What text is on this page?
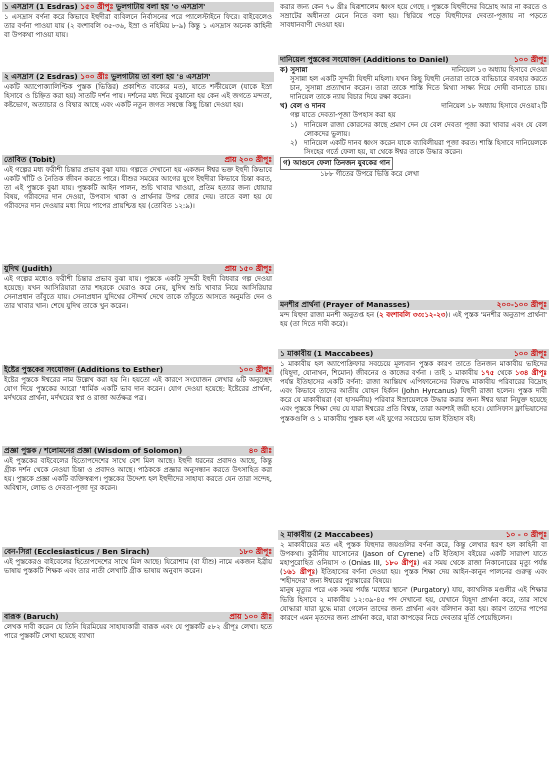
১ এসদ্রাস (1 Esdras) ১৫০ খ্রীপূঃ ভুলগাটায় বলা হয় '৩ এসদ্রাস'
১ এসদ্রাস বর্ণনা করে কিভাবে ইহুদীরা ব্যবিলনে নির্বাসনের পরে প্যালেস্টাইনে ফিরে। বাইবেলেও তার বর্ণনা পাওয়া যায় (২ বংশাবলি ৩৫-৩৬, ইস্রা ও নহিমিয় ৮-৯) কিন্তু ১ এসদ্রাস অনেক কাহিনী বা উপকথা পাওয়া যায়।
২ এসদ্রাস (2 Esdras) ১০০ খ্রীঃ ভুলগাটায় তা বলা হয় '৪ এসদ্রাস'
একটি অ্যাপোক্যালিপ্টিক পুস্তক (ভিত্তির) প্রকাশিত বাক্যের মত), যাতে শল্টীয়েলে (যাকে ইস্রা হিসাবে ও চিহ্নিত করা হয়) সাতটি দর্শন পায়। দর্শনের মধ্য দিয়ে বুঝানো হয় কেন এই জগতে মন্দতা, কষ্টভোগ, অত্যাচার ও বিদ্বার আছে এবং একটি নতুন জগত সম্বন্ধে কিছু চিন্তা দেওয়া হয়।
তোবিত (Tobit)	প্রায় ২০০ খ্রীপূঃ
এই গল্পের মধ্য ফরীশী চিন্তার প্রভাব বুঝা যায়। গল্পতে দেখানো হয় একজন ঈশ্বর ভক্ত ইহুদী কিভাবে একটি খাঁটি ও নৈতিক জীবন করতে পারে। যীশুর সময়ের আগের যুগে ইহুদীরা কিভাবে চিন্তা করত, তা এই পুস্তকে বুঝা যায়। পুস্তকটি আইন পালন, শুচি খাবার খাওয়া, প্রতিম হত্যার জন্য ধোয়ার বিষয়, গরীবদের দান দেওয়া, উপবাস থাকা ও প্রার্থনার উপর জোর দেয়। তাতে বলা হয় যে গরীবদের দান দেওয়ার মধ্য দিয়ে পাপের প্রায়শ্চিত্ত হয় (তোবিত ১২:৯)।
যুদিথ (Judith)	প্রায় ১৫০ খ্রীপূঃ
এই গল্পের মধ্যেও ফরীশী চিন্তার প্রভাব বুঝা যায়। পুস্তকে একটি সুন্দরী ইহুদী বিধবার গল্প দেওয়া হয়েছে। যখন আসিরিয়ারা তার শহরকে ঘেরাও করে নেয়, যুদিথ শুচি খাবার নিয়ে আসিরিয়ার সেনাপ্রধান তাঁবুতে যায়। সেনাপ্রধান যুদিথের সৌন্দর্য দেখে তাকে তাঁবুতে আসতে অনুমতি দেন ও তার খাবার খান। শেষে যুদিথ তাকে খুন করেন।
ইষ্টের পুস্তকের সংযোজন (Additions to Esther)	১০০ খ্রীপূঃ
ইষ্টের পুস্তকে ঈশ্বরের নাম উল্লেখ করা হয় নি। হয়তো এই কারণে সংযোজন লেখার ৬টি অনুচ্ছেদ যোগ দিয়ে পুস্তকের আরো 'ধার্মিক একটি ভাব দান করেন। যোগ দেওয়া হয়েছে: ইষ্টেরের প্রার্থনা, মর্দখয়ের প্রার্থনা, মর্দখয়ের স্বপ্ন ও রাজা অর্তক্ষত্র পত্র।
প্রজ্ঞা পুস্তক / শলোমনের প্রজ্ঞা (Wisdom of Solomon)	৪০ খ্রীঃ
এই পুস্তকের বাইবেলের হিতোপদেশের সাথে বেশ মিল আছে। ইহুদী ধরনের প্রবাদও আছে, কিন্তু গ্রীক দর্শন থেকে নেওয়া চিন্তা ও প্রবাদও আছে। পাঠককে প্রজ্ঞার অনুসন্ধান করতে উৎসাহিত করা হয়। পুস্তকে প্রজ্ঞা একটি ব্যক্তিস্বরূপ। পুস্তকের উদ্দেশ্য হল ইহুদীদের সাহায্য করতে যেন তারা সন্দেহ, অবিশ্বাস, লোভ ও দেবতা-পূজা দূর করেন।
বেন-সিরা (Ecclesiasticus / Ben Sirach)	১৮০ খ্রীপূঃ
এই পুস্তকেরও বাইবেলের হিতোপদেশের সাথে মিল আছে। যিরোশাম (বা যীশু) নামে একজন ইব্রীয় ভাষায় পুস্তকটি শিক্ষক এবং তার নাতী লেখাটি গ্রীক ভাষায় অনুবাদ করেন।
বারূক (Baruch)	প্রায় ১০০ খ্রীঃ
লেখক দাবী করেন যে তিনি যিরমিয়ের সাহায্যকারী বারূক এবং যে পুস্তকটি ৫৮২ খ্রীপূঃ লেখা। হতে পারে পুস্তকটি লেখা হয়েছে ব্যাখ্যা
করার জন্য কেন ৭০ খ্রীঃ যিরূশালেম ধ্বংস হয়ে গেছে । পুস্তকে যিহুদীদের বিদ্রোহ আর না করতে ও সম্রাটের অধীনতা মেনে নিতে বলা হয়। স্থিরিয়ে পড়ে যিহুদীদের দেবতা-পূজায় না পড়তে সাবধানবাণী দেওয়া হয়।
দানিয়েল পুস্তকের সংযোজন (Additions to Daniel)	১০০ খ্রীপূঃ
ক) সুসান্না	দানিয়েল ১৩ অধ্যায় হিসাবে দেওয়া

সুসান্না হল একটি সুন্দরী যিহুদী মহিলা। যখন কিছু যিহুদী নেতারা তাকে ব্যভিচারে ব্যবহার করতে চান, সুসান্না প্রত্যাখান করেন। তারা তাকে শাস্তি দিতে মিথ্যা সাক্ষ্য দিয়ে দোষী বানাতে চায়। দানিয়েল তাকে ন্যায় বিচার দিয়ে রক্ষা করেন।

খ) বেল ও দানব	দানিয়েল ১৮ অধ্যায় হিসাবে দেওয়া২টি

গল্প যাতে দেবতা-পূজা উপহাস করা হয়

১) দানিয়েল রাজা কোরসের কাছে প্রমাণ দেন যে বেল দেবতা পূজা করা খাবার এবং যে বেল লোকদের ভুলায়।
২) দানিয়েল একটি দানব ধ্বংস করেন যাকে ব্যাবিলীয়রা পূজা করত। শাস্তি হিসাবে দানিয়েলকে সিংহের গর্তে ফেলা হয়, যা থেকে ঈশ্বর তাকে উদ্ধার করেন।
গ) আগুনে ফেলা তিনজন যুবকের গান

১৮৮ গীতের উপরে ভিত্তি করে লেখা

মনশীর প্রার্থনা (Prayer of Manasses)	২০০-১০০ খ্রীপূঃ
মন্দ যিহুদা রাজা মনশী অনুতপ্ত হন (২ বংশাবলি ৩৩:১২-২৩)। এই পুস্তক 'মনশীর অনুতাপ প্রার্থনা' হয় (তা দিতে দাবী করে)।
১ মাকাবীয় (1 Maccabees)	১০০ খ্রীপূঃ
১ মাকাবীয় হল অ্যাপোক্রিফার সবচেয়ে মূল্যবান পুস্তক কারণ তাতে তিনজন মাকাবীয় ভাইদের (যিহূদা, যোনাথন, শিমোন) জীবনের ও কাজের বর্ণনা । তাই ১ মাকাবীয় ১৭৫ থেকে ১৩৪ খ্রীপূঃ পর্যন্ত ইতিহাসের একটি বর্ণনা: রাজা আন্তিয়খ এপিফানেসের বিরুদ্ধে মাকাবীয় পরিবারের বিদ্রোহ এবং কিভাবে তাদের আতীয় যোহন হির্কান (John Hyrcanus) যিহুদী রাজা হলেন। পুস্তক দাবী করে যে মাকাবীয়রা (বা হাসমনীয়) পরিবার ঈস্রায়েলকে উদ্ধার করার জন্য ঈশ্বর দ্বারা নিযুক্ত হয়েছে এবং পুস্তকে শিক্ষা দেয় যে যারা ঈশ্বরের প্রতি বিশ্বস্ত, তারা অবশ্যই জয়ী হবে। যোসিফাস ফ্লাভিয়াসের পুস্তকগুলি ও ১ মাকাবীয় পুস্তক হল এই যুগের সবচেয়ে ভাল ইতিহাস বই।
২ মাকাবীয় (2 Maccabees)	১০ - ০ খ্রীপূঃ

২ মাকাবীয়ের মত এই পুস্তক যিহুদার জয়গুলির বর্ণনা করে, কিন্তু লেখার ধরণ হল কাহিনী বা উপকথা। কুরীনীয় যাসোনের (Jason of Cyrene) ৫টি ইতিহাস বইয়ের একটি সারাংশ যাতে মহাপুরোহিত ওনিয়াস ৩ (Onias III, ১৮০ খ্রীপূঃ) এর সময় থেকে রাজা নিকানোরের মৃত্যু পর্যন্ত (১৬১ খ্রীপূঃ) ইতিহাসের বর্ণনা দেওয়া হয়। পুস্তক শিক্ষা দেয় আইন-কানুন পালনের গুরুত্ব এবং 'শহীদদের' জন্য ঈশ্বরের পুরস্কারের বিষয়ে।

মানুষ মৃত্যুর পরে এক সময় পর্যন্ত 'মধ্যের স্থানে' (Purgatory) যায়, ক্যাথলিক মণ্ডলীর এই শিক্ষার ভিত্তি হিসাবে ২ মাকাবীয় ১২:৩৯-৪৫ পদ দেখানো হয়, যেখানে যিহূদা প্রার্থনা করে, তার সাথে যোদ্ধারা যারা যুদ্ধে মারা গেলেন তাদের জন্য প্রার্থনা এবং বলিদান করা হয়। কারণ তাদের পাপের কারণে এমন মৃতদের জন্য প্রার্থনা করে, যারা কাপড়ের নিচে দেবতার মূর্তি পেয়েছিলেন।
